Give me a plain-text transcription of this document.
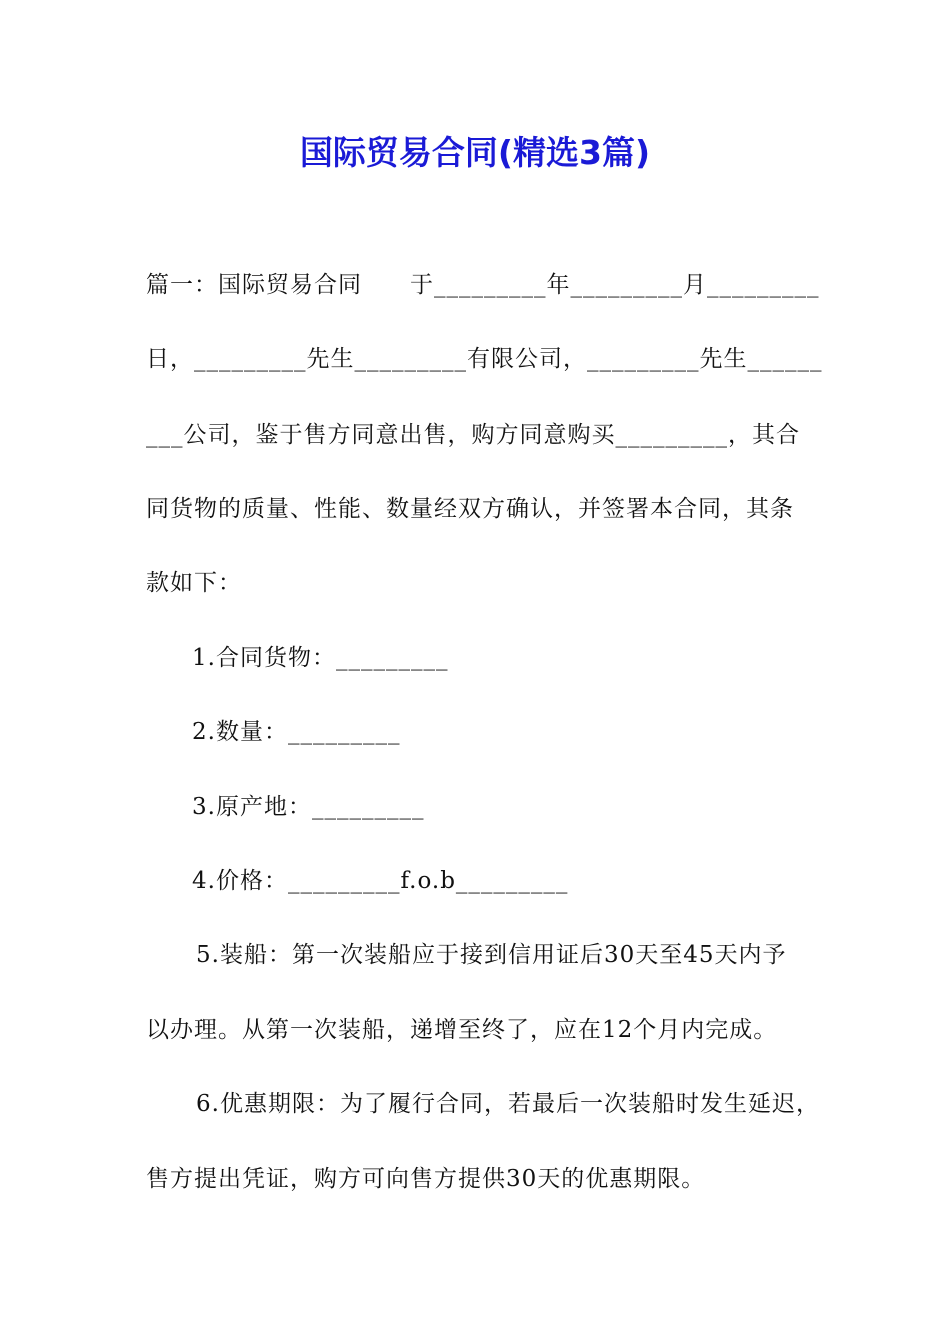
国际贸易合同(精选3篇)
篇一：国际贸易合同　　于_________年_________月_________
日，_________先生_________有限公司，_________先生______
___公司，鉴于售方同意出售，购方同意购买_________，其合
同货物的质量、性能、数量经双方确认，并签署本合同，其条
款如下：
1.合同货物：_________
2.数量：_________
3.原产地：_________
4.价格：_________f.o.b_________
5.装船：第一次装船应于接到信用证后30天至45天内予
以办理。从第一次装船，递增至终了，应在12个月内完成。
6.优惠期限：为了履行合同，若最后一次装船时发生延迟，
售方提出凭证，购方可向售方提供30天的优惠期限。
